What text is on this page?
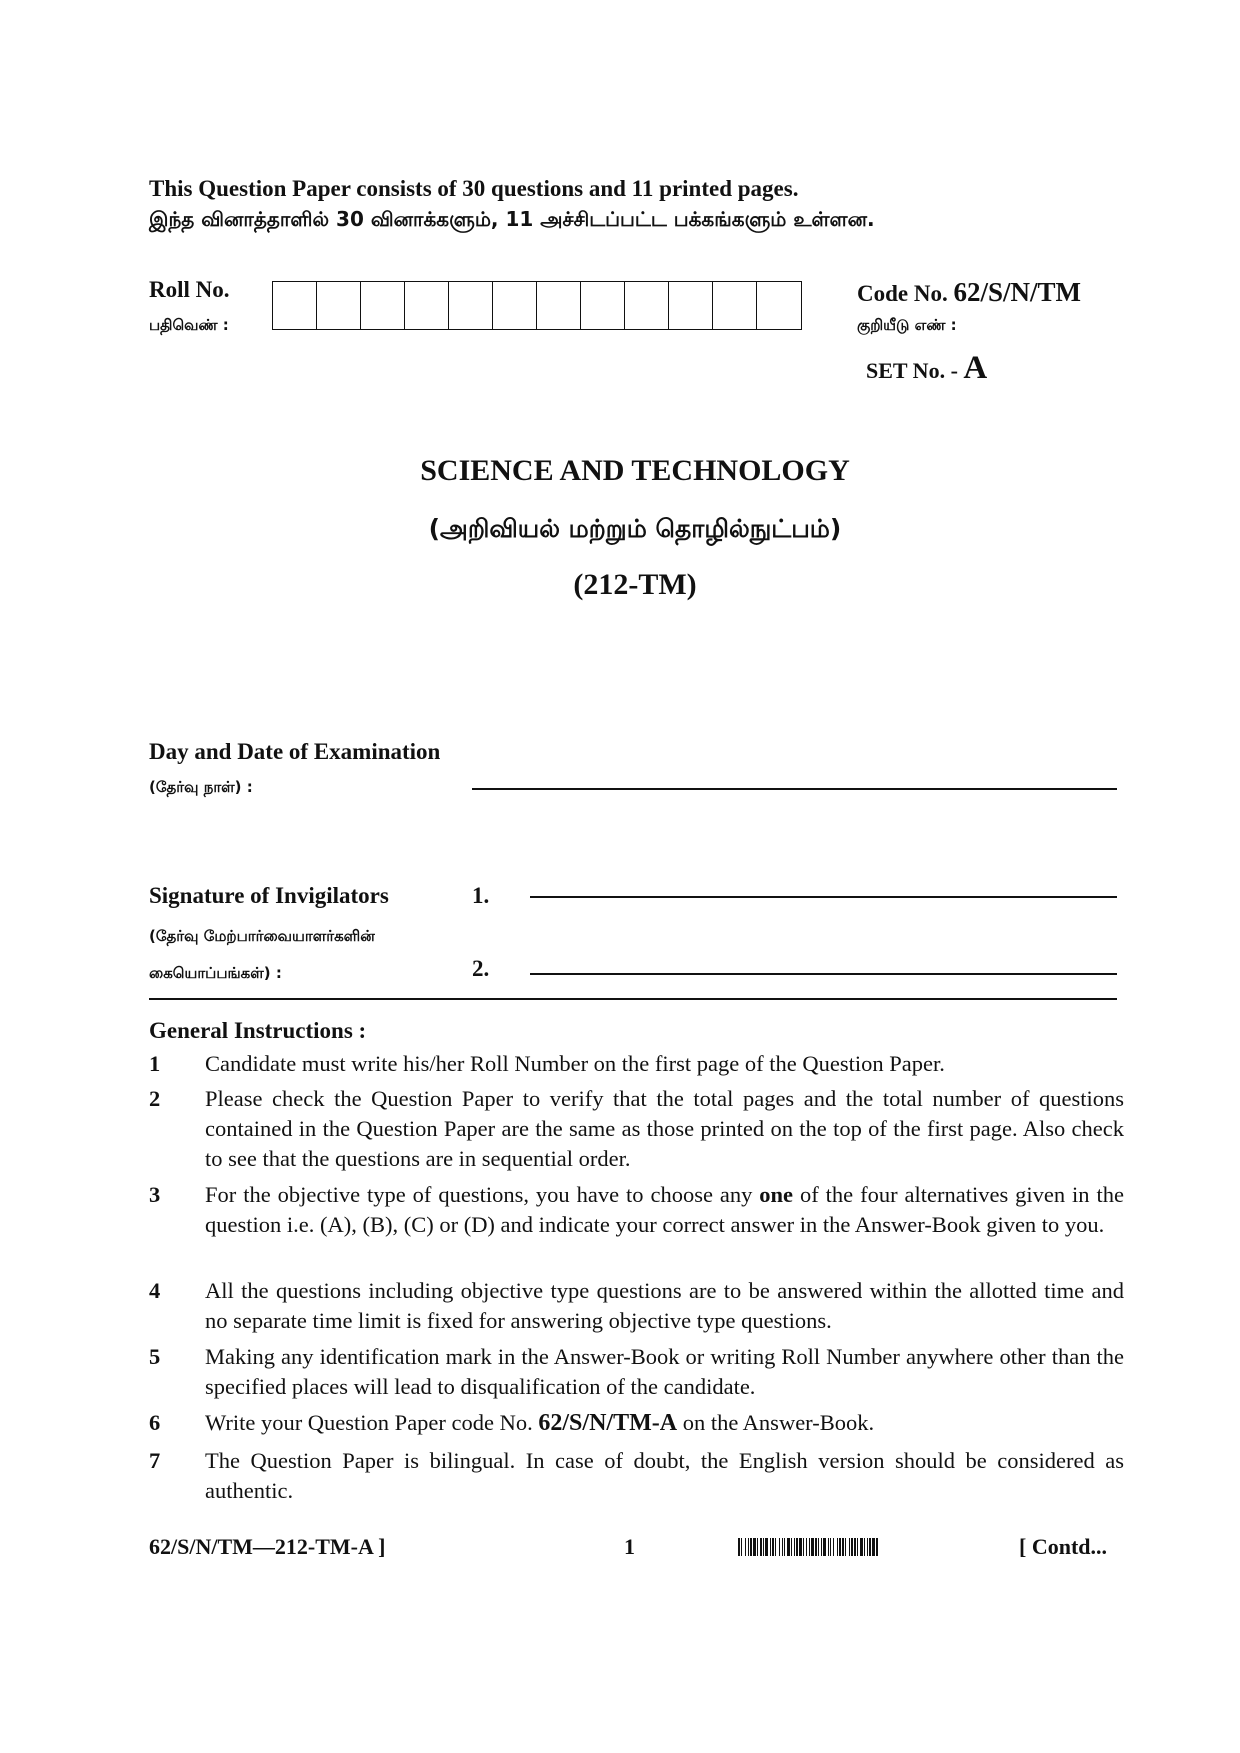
This Question Paper consists of 30 questions and 11 printed pages.
இந்த வினாத்தாளில் 30 வினாக்களும், 11 அச்சிடப்பட்ட பக்கங்களும் உள்ளன.
Roll No.
பதிவெண் :
Code No. 62/S/N/TM
குறியீடு எண் :
SET No. - A
SCIENCE AND TECHNOLOGY
(அறிவியல் மற்றும் தொழில்நுட்பம்)
(212-TM)
Day and Date of Examination
(தேர்வு நாள்) :
Signature of Invigilators
(தேர்வு மேற்பார்வையாளர்களின்
கையொப்பங்கள்) :
1.
2.
General Instructions :
1	Candidate must write his/her Roll Number on the first page of the Question Paper.
2	Please check the Question Paper to verify that the total pages and the total number of questions contained in the Question Paper are the same as those printed on the top of the first page. Also check to see that the questions are in sequential order.
3	For the objective type of questions, you have to choose any one of the four alternatives given in the question i.e. (A), (B), (C) or (D) and indicate your correct answer in the Answer-Book given to you.
4	All the questions including objective type questions are to be answered within the allotted time and no separate time limit is fixed for answering objective type questions.
5	Making any identification mark in the Answer-Book or writing Roll Number anywhere other than the specified places will lead to disqualification of the candidate.
6	Write your Question Paper code No. 62/S/N/TM-A on the Answer-Book.
7	The Question Paper is bilingual. In case of doubt, the English version should be considered as authentic.
62/S/N/TM—212-TM-A ]	1	[ Contd...
